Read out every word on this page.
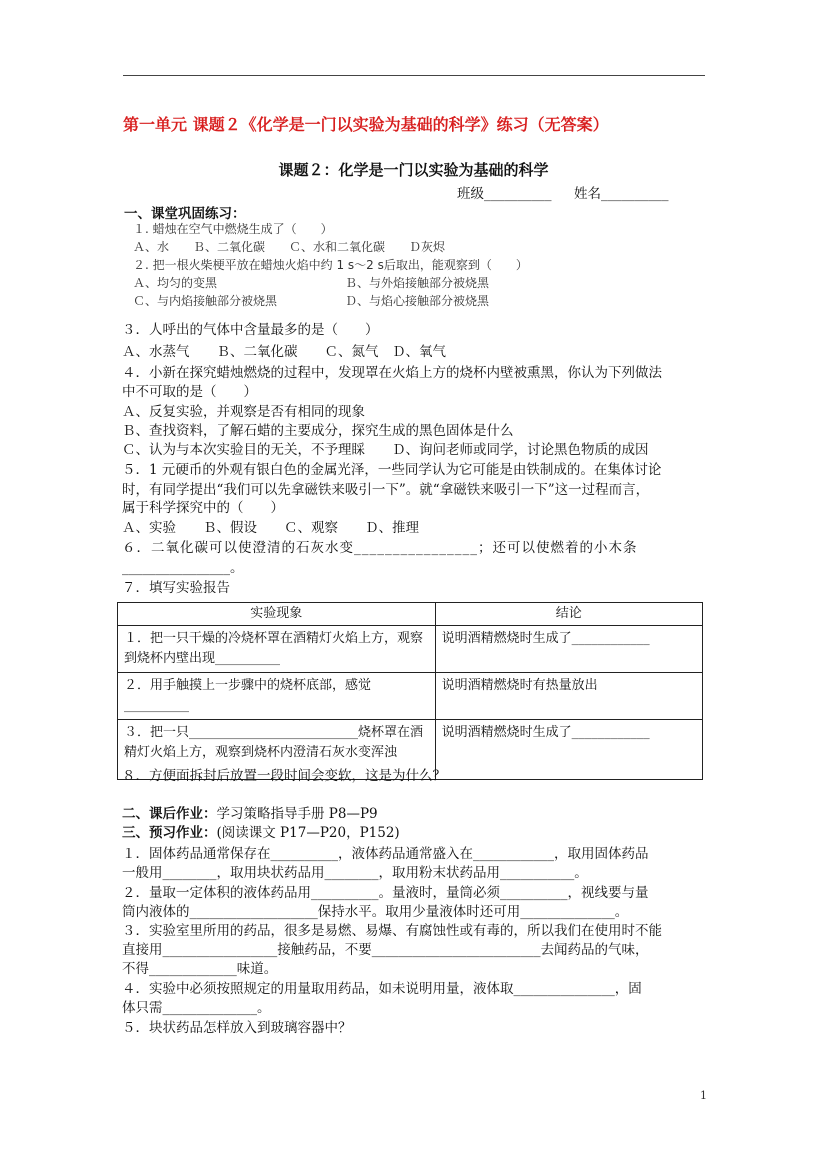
第一单元 课题２《化学是一门以实验为基础的科学》练习（无答案）
课题２：化学是一门以实验为基础的科学
班级__________ 姓名__________
一、课堂巩固练习：
１. 蜡烛在空气中燃烧生成了（　　）
Ａ、水　　Ｂ、二氧化碳　　Ｃ、水和二氧化碳　　Ｄ灰烬
２. 把一根火柴梗平放在蜡烛火焰中约 1 s～2 s后取出，能观察到（　　）
Ａ、均匀的变黑	Ｂ、与外焰接触部分被烧黑
Ｃ、与内焰接触部分被烧黑	Ｄ、与焰心接触部分被烧黑
３．人呼出的气体中含量最多的是（　　）
Ａ、水蒸气　　Ｂ、二氧化碳　　Ｃ、氮气　Ｄ、氧气
４．小新在探究蜡烛燃烧的过程中，发现罩在火焰上方的烧杯内壁被熏黑，你认为下列做法
中不可取的是（　　）
Ａ、反复实验，并观察是否有相同的现象
Ｂ、查找资料，了解石蜡的主要成分，探究生成的黑色固体是什么
Ｃ、认为与本次实验目的无关，不予理睬　　Ｄ、询问老师或同学，讨论黑色物质的成因
５．1 元硬币的外观有银白色的金属光泽，一些同学认为它可能是由铁制成的。在集体讨论
时，有同学提出“我们可以先拿磁铁来吸引一下”。就“拿磁铁来吸引一下”这一过程而言，
属于科学探究中的（　　）
Ａ、实验　　Ｂ、假设　　Ｃ、观察　　Ｄ、推理
６．二氧化碳可以使澄清的石灰水变________________；还可以使燃着的小木条
________________。
７．填写实验报告
实验现象	结论
１．把一只干燥的冷烧杯罩在酒精灯火焰上方，观察到烧杯内壁出现__________	说明酒精燃烧时生成了____________
２．用手触摸上一步骤中的烧杯底部，感觉__________	说明酒精燃烧时有热量放出
３．把一只__________________________烧杯罩在酒精灯火焰上方，观察到烧杯内澄清石灰水变浑浊	说明酒精燃烧时生成了____________
８．方便面拆封后放置一段时间会变软，这是为什么？
二、课后作业：学习策略指导手册 P8—P9
三、预习作业：(阅读课文 P17—P20，P152)
１．固体药品通常保存在__________，液体药品通常盛入在____________，取用固体药品
一般用________，取用块状药品用________，取用粉末状药品用___________。
２．量取一定体积的液体药品用__________。量液时，量筒必须__________，视线要与量
筒内液体的___________________保持水平。取用少量液体时还可用______________。
３．实验室里所用的药品，很多是易燃、易爆、有腐蚀性或有毒的，所以我们在使用时不能
直接用_________________接触药品，不要_________________________去闻药品的气味，
不得_____________味道。
４．实验中必须按照规定的用量取用药品，如未说明用量，液体取_______________，固
体只需______________。
５．块状药品怎样放入到玻璃容器中？
1
